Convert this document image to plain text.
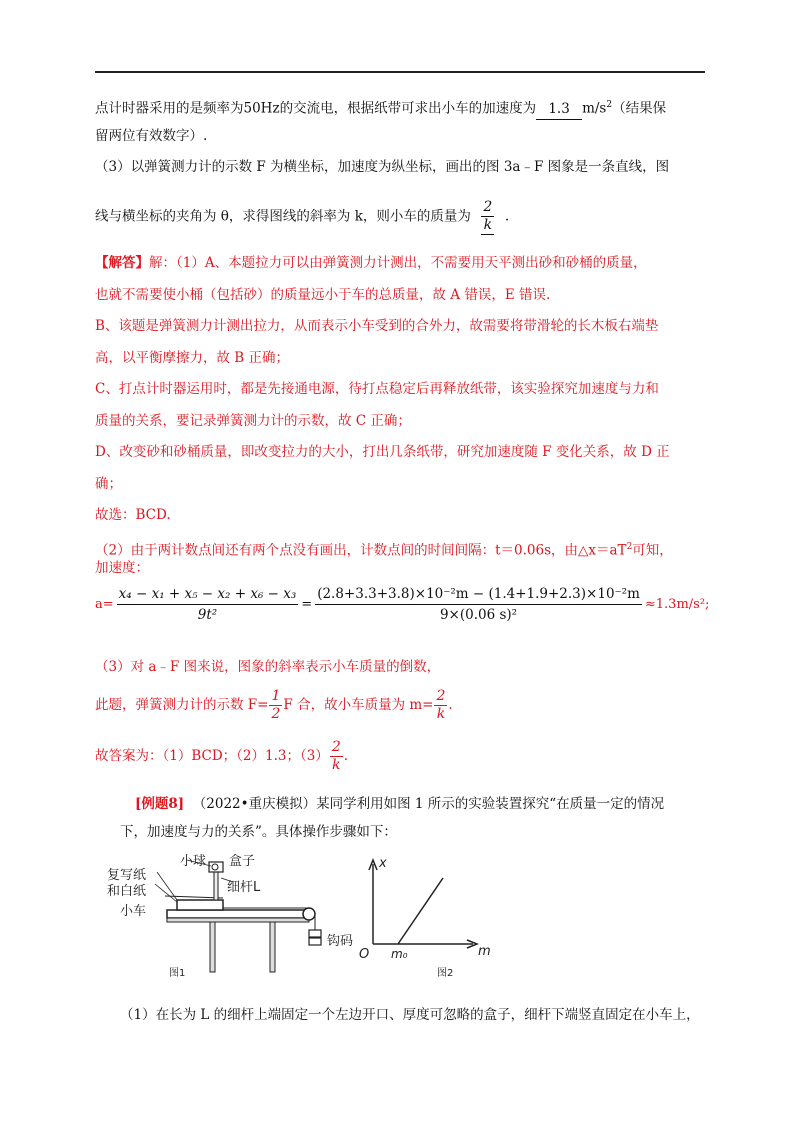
点计时器采用的是频率为50Hz的交流电，根据纸带可求出小车的加速度为 1.3 $m/s^2$（结果保
留两位有效数字）.
（3）以弹簧测力计的示数 F 为横坐标，加速度为纵坐标，画出的图 3a﹣F 图象是一条直线，图
线与横坐标的夹角为 θ，求得图线的斜率为 k，则小车的质量为 $\frac{2}{k}$ .
【解答】解：（1）A、本题拉力可以由弹簧测力计测出，不需要用天平测出砂和砂桶的质量，
也就不需要使小桶（包括砂）的质量远小于车的总质量，故 A 错误，E 错误.
B、该题是弹簧测力计测出拉力，从而表示小车受到的合外力，故需要将带滑轮的长木板右端垫
高，以平衡摩擦力，故 B 正确；
C、打点计时器运用时，都是先接通电源，待打点稳定后再释放纸带，该实验探究加速度与力和
质量的关系，要记录弹簧测力计的示数，故 C 正确；
D、改变砂和砂桶质量，即改变拉力的大小，打出几条纸带，研究加速度随 F 变化关系，故 D 正
确；
故选：BCD.
（2）由于两计数点间还有两个点没有画出，计数点间的时间间隔：t＝0.06s，由$\triangle x=aT^2$可知，
加速度：
$a= \frac{\text{x₄ − x₁ + x₅ − x₂ + x₆ − x₃}}{\text{9t²}} = \frac{\text{(2.8+3.3+3.8)×10⁻²m − (1.4+1.9+2.3)×10⁻²m}}{\text{9×(0.06 s)²}} \approx 1.3m/s^2$;
（3）对 a﹣F 图来说，图象的斜率表示小车质量的倒数，
此题，弹簧测力计的示数 $F= \frac{1}{2}$ F 合，故小车质量为 $m= \frac{2}{k}$ .
故答案为：（1）BCD；（2）1.3；$(3) \frac{2}{k}$ .
[例题8] （2022•重庆模拟）某同学利用如图 1 所示的实验装置探究“在质量一定的情况
下，加速度与力的关系”。具体操作步骤如下：
小球 盒子
复写纸
和白纸	细杆L
小车
钩码
图1
x
m
O m₀
图2
（1）在长为 L 的细杆上端固定一个左边开口、厚度可忽略的盒子，细杆下端竖直固定在小车上，
